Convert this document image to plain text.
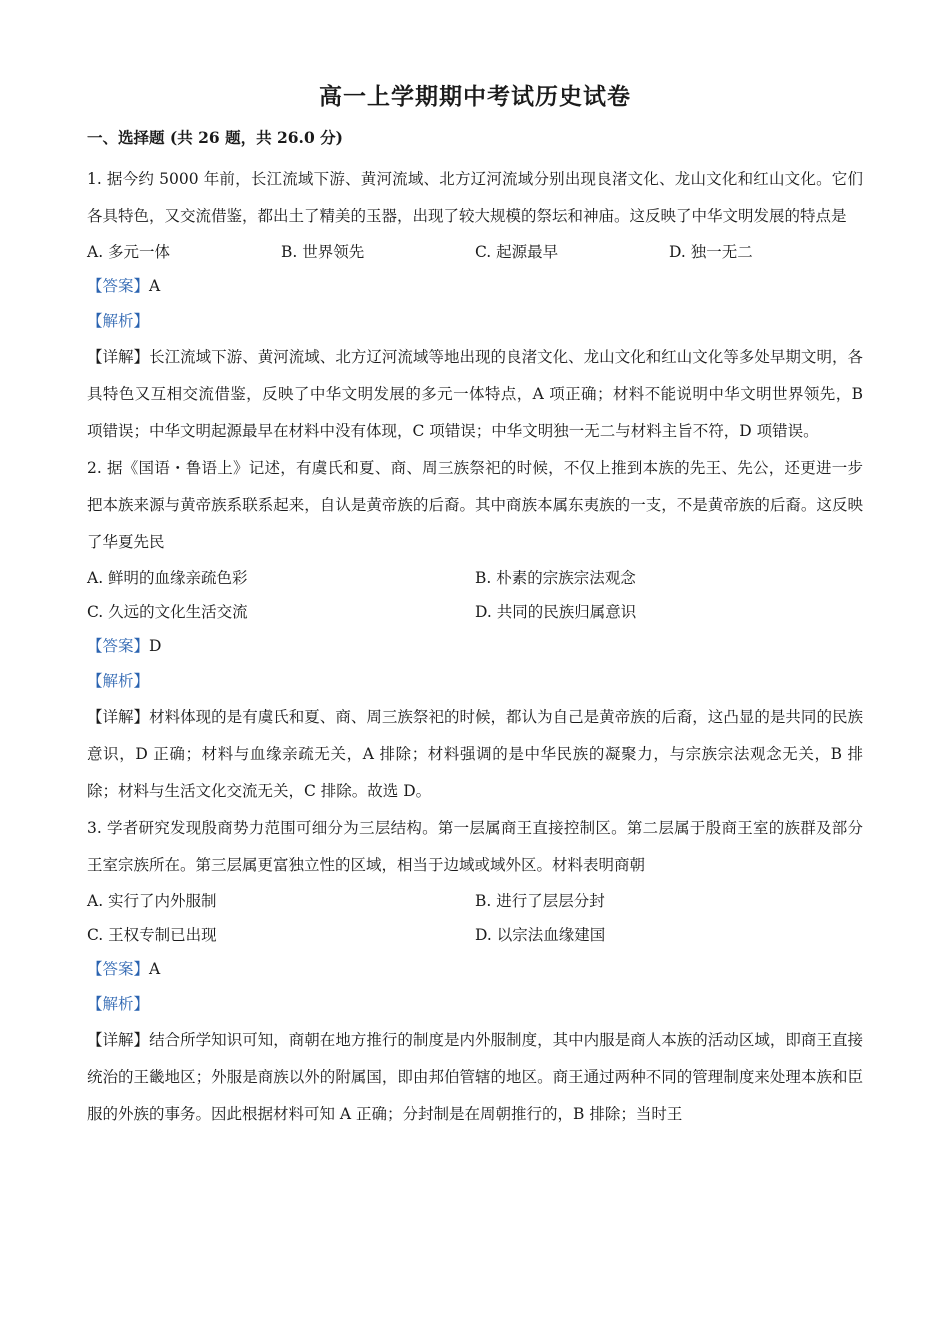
高一上学期期中考试历史试卷
一、选择题 (共 26 题，共 26.0 分)

1. 据今约 5000 年前，长江流域下游、黄河流域、北方辽河流域分别出现良渚文化、龙山文化和红山文化。它们各具特色，又交流借鉴，都出土了精美的玉器，出现了较大规模的祭坛和神庙。这反映了中华文明发展的特点是

A. 多元一体	B. 世界领先	C. 起源最早	D. 独一无二
【答案】A
【解析】

【详解】长江流域下游、黄河流域、北方辽河流域等地出现的良渚文化、龙山文化和红山文化等多处早期文明，各具特色又互相交流借鉴，反映了中华文明发展的多元一体特点，A 项正确；材料不能说明中华文明世界领先，B 项错误；中华文明起源最早在材料中没有体现，C 项错误；中华文明独一无二与材料主旨不符，D 项错误。

2. 据《国语・鲁语上》记述，有虞氏和夏、商、周三族祭祀的时候，不仅上推到本族的先王、先公，还更进一步把本族来源与黄帝族系联系起来，自认是黄帝族的后裔。其中商族本属东夷族的一支，不是黄帝族的后裔。这反映了华夏先民

A. 鲜明的血缘亲疏色彩	B. 朴素的宗族宗法观念
C. 久远的文化生活交流	D. 共同的民族归属意识
【答案】D
【解析】

【详解】材料体现的是有虞氏和夏、商、周三族祭祀的时候，都认为自己是黄帝族的后裔，这凸显的是共同的民族意识，D 正确；材料与血缘亲疏无关，A 排除；材料强调的是中华民族的凝聚力，与宗族宗法观念无关，B 排除；材料与生活文化交流无关，C 排除。故选 D。

3. 学者研究发现殷商势力范围可细分为三层结构。第一层属商王直接控制区。第二层属于殷商王室的族群及部分王室宗族所在。第三层属更富独立性的区域，相当于边域或域外区。材料表明商朝

A. 实行了内外服制	B. 进行了层层分封
C. 王权专制已出现	D. 以宗法血缘建国
【答案】A
【解析】

【详解】结合所学知识可知，商朝在地方推行的制度是内外服制度，其中内服是商人本族的活动区域，即商王直接统治的王畿地区；外服是商族以外的附属国，即由邦伯管辖的地区。商王通过两种不同的管理制度来处理本族和臣服的外族的事务。因此根据材料可知 A 正确；分封制是在周朝推行的，B 排除；当时王
